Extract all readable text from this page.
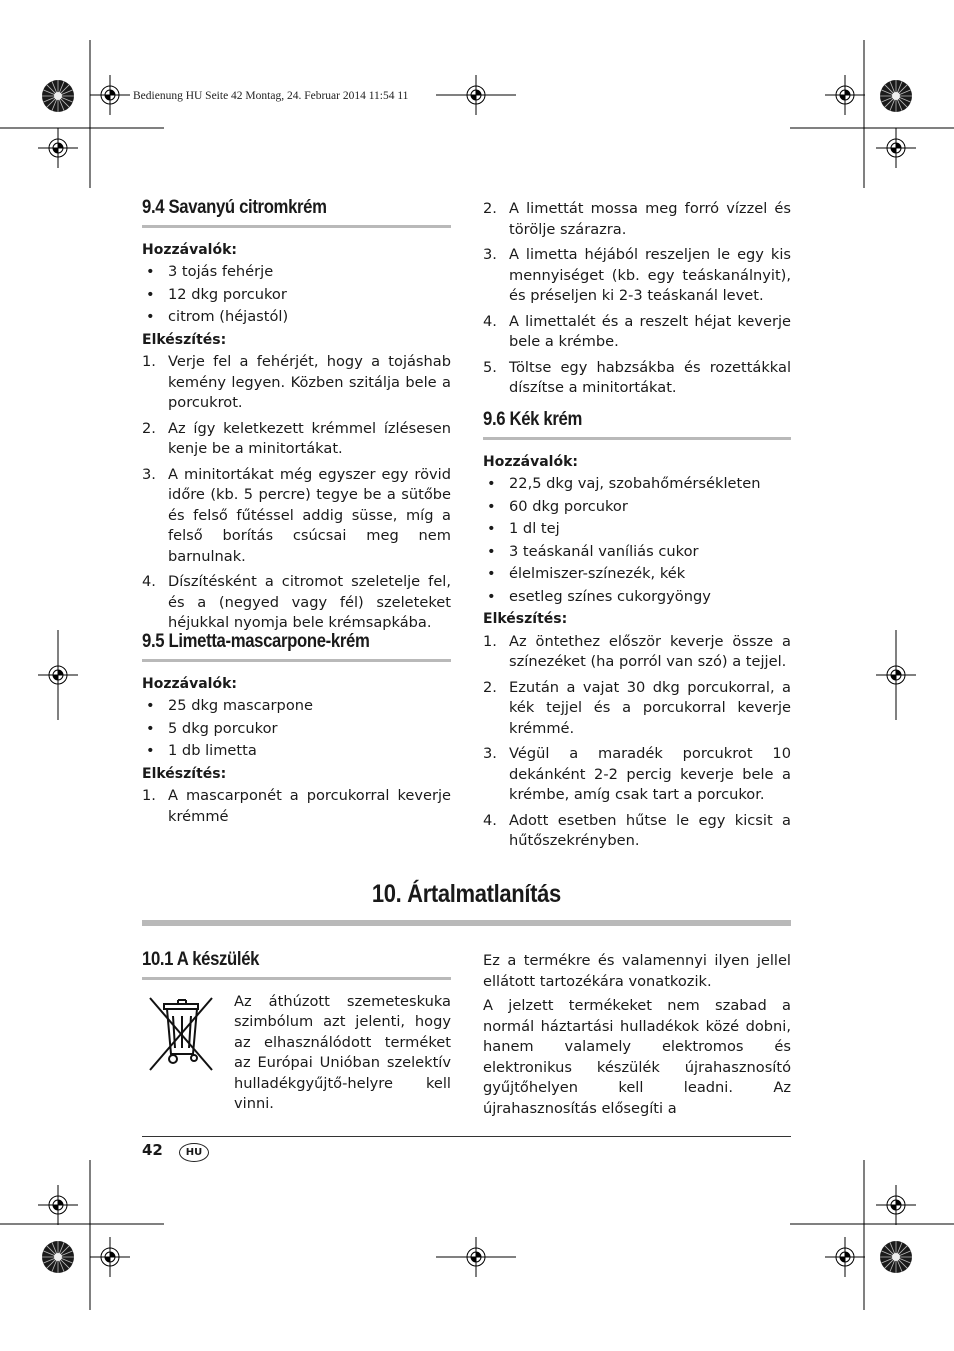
Bedienung HU Seite 42 Montag, 24. Februar 2014 11:54 11
9.4 Savanyú citromkrém
Hozzávalók:
• 3 tojás fehérje
• 12 dkg porcukor
• citrom (héjastól)
Elkészítés:
1. Verje fel a fehérjét, hogy a tojáshab kemény legyen. Közben szitálja bele a porcukrot.
2. Az így keletkezett krémmel ízlésesen kenje be a minitortákat.
3. A minitortákat még egyszer egy rövid időre (kb. 5 percre) tegye be a sütőbe és felső fűtéssel addig süsse, míg a felső borítás csúcsai meg nem barnulnak.
4. Díszítésként a citromot szeletelje fel, és a (negyed vagy fél) szeleteket héjukkal nyomja bele krémsapkába.
9.5 Limetta-mascarpone-krém
Hozzávalók:
• 25 dkg mascarpone
• 5 dkg porcukor
• 1 db limetta
Elkészítés:
1. A mascarponét a porcukorral keverje krémmé
2. A limettát mossa meg forró vízzel és törölje szárazra.
3. A limetta héjából reszeljen le egy kis mennyiséget (kb. egy teáskanálnyit), és préseljen ki 2-3 teáskanál levet.
4. A limettalét és a reszelt héjat keverje bele a krémbe.
5. Töltse egy habzsákba és rozettákkal díszítse a minitortákat.
9.6 Kék krém
Hozzávalók:
• 22,5 dkg vaj, szobahőmérsékleten
• 60 dkg porcukor
• 1 dl tej
• 3 teáskanál vaníliás cukor
• élelmiszer-színezék, kék
• esetleg színes cukorgyöngy
Elkészítés:
1. Az öntethez először keverje össze a színezéket (ha porról van szó) a tejjel.
2. Ezután a vajat 30 dkg porcukorral, a kék tejjel és a porcukorral keverje krémmé.
3. Végül a maradék porcukrot 10 dekánként 2-2 percig keverje bele a krémbe, amíg csak tart a porcukor.
4. Adott esetben hűtse le egy kicsit a hűtőszekrényben.
10. Ártalmatlanítás
10.1 A készülék

Az áthúzott szemeteskuka szimbólum azt jelenti, hogy az elhasználódott terméket az Európai Unióban szelektív hulladékgyűjtő-helyre kell vinni.

Ez a termékre és valamennyi ilyen jellel ellátott tartozékára vonatkozik.

A jelzett termékeket nem szabad a normál háztartási hulladékok közé dobni, hanem valamely elektromos és elektronikus készülék újrahasznosító gyűjtőhelyen kell leadni. Az újrahasznosítás elősegíti a

42	HU
